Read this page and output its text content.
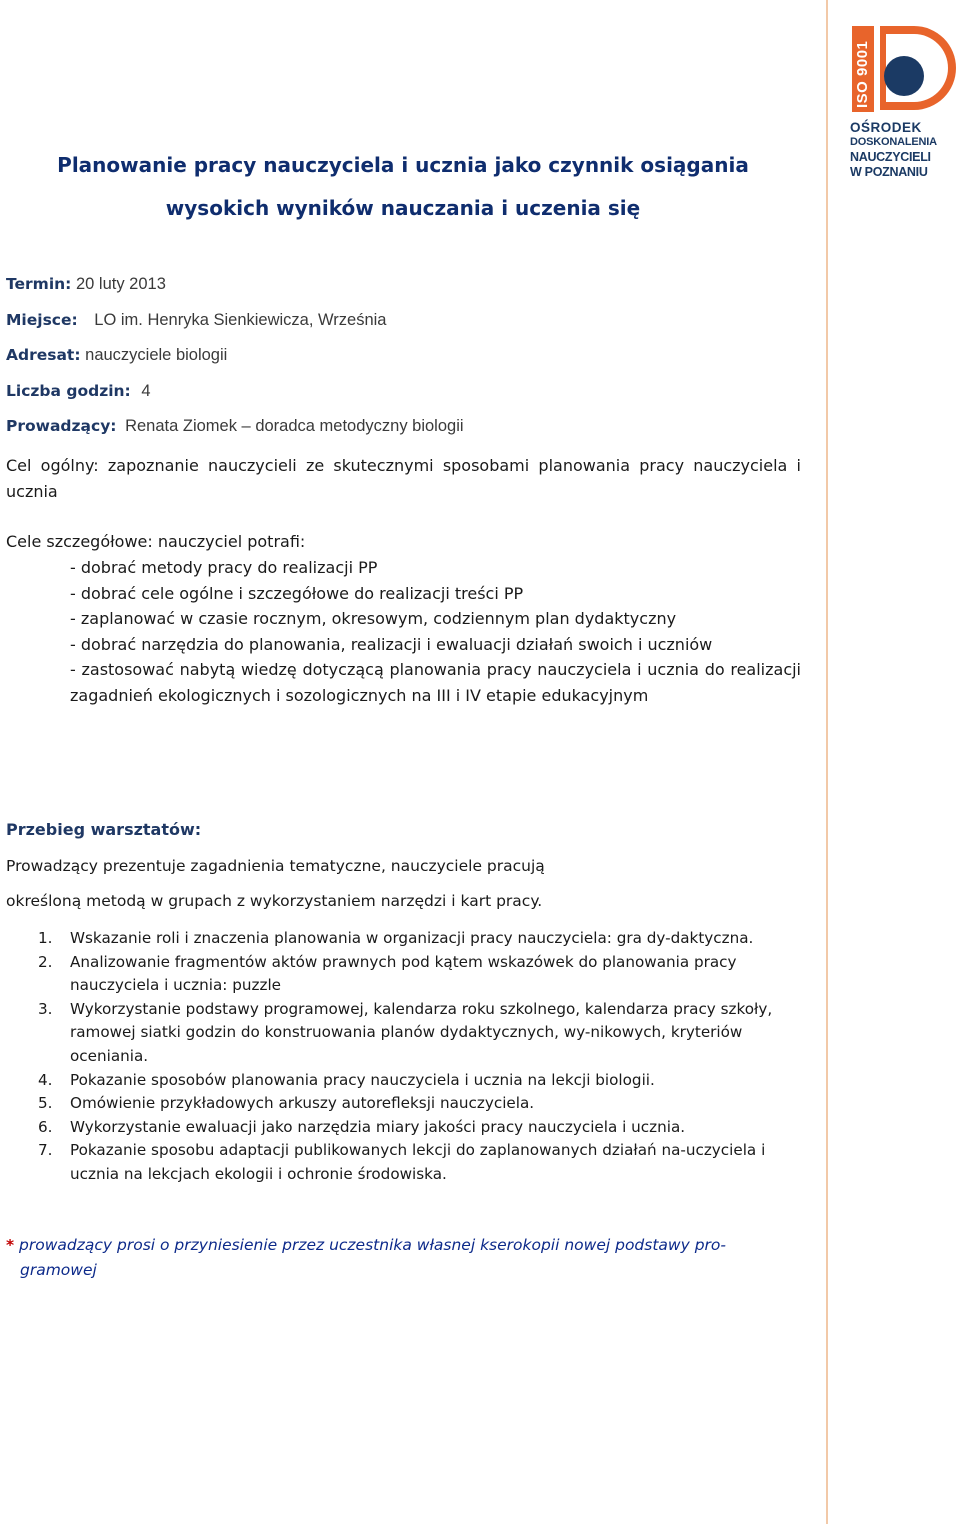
ISO 9001
OŚRODEK
DOSKONALENIA
NAUCZYCIELI
W POZNANIU
Planowanie pracy nauczyciela i ucznia jako czynnik osiągania
wysokich wyników nauczania i uczenia się
Termin: 20 luty 2013
Miejsce: LO im. Henryka Sienkiewicza, Września
Adresat: nauczyciele biologii
Liczba godzin: 4
Prowadzący: Renata Ziomek – doradca metodyczny biologii
Cel ogólny: zapoznanie nauczycieli ze skutecznymi sposobami planowania pracy nauczyciela i ucznia
Cele szczegółowe: nauczyciel potrafi:
- dobrać metody pracy do realizacji PP
- dobrać cele ogólne i szczegółowe do realizacji treści PP
- zaplanować w czasie rocznym, okresowym, codziennym plan dydaktyczny
- dobrać narzędzia do planowania, realizacji i ewaluacji działań swoich i uczniów
- zastosować nabytą wiedzę dotyczącą planowania pracy nauczyciela i ucznia do realizacji zagadnień ekologicznych i sozologicznych na III i IV etapie edukacyjnym
Przebieg warsztatów:
Prowadzący prezentuje zagadnienia tematyczne, nauczyciele pracują
określoną metodą w grupach z wykorzystaniem narzędzi i kart pracy.
1. Wskazanie roli i znaczenia planowania w organizacji pracy nauczyciela: gra dy-daktyczna.
2. Analizowanie fragmentów aktów prawnych pod kątem wskazówek do planowania pracy nauczyciela i ucznia: puzzle
3. Wykorzystanie podstawy programowej, kalendarza roku szkolnego, kalendarza pracy szkoły, ramowej siatki godzin do konstruowania planów dydaktycznych, wy-nikowych, kryteriów oceniania.
4. Pokazanie sposobów planowania pracy nauczyciela i ucznia na lekcji biologii.
5. Omówienie przykładowych arkuszy autorefleksji nauczyciela.
6. Wykorzystanie ewaluacji jako narzędzia miary jakości pracy nauczyciela i ucznia.
7. Pokazanie sposobu adaptacji publikowanych lekcji do zaplanowanych działań na-uczyciela i ucznia na lekcjach ekologii i ochronie środowiska.
* prowadzący prosi o przyniesienie przez uczestnika własnej kserokopii nowej podstawy pro-
gramowej
